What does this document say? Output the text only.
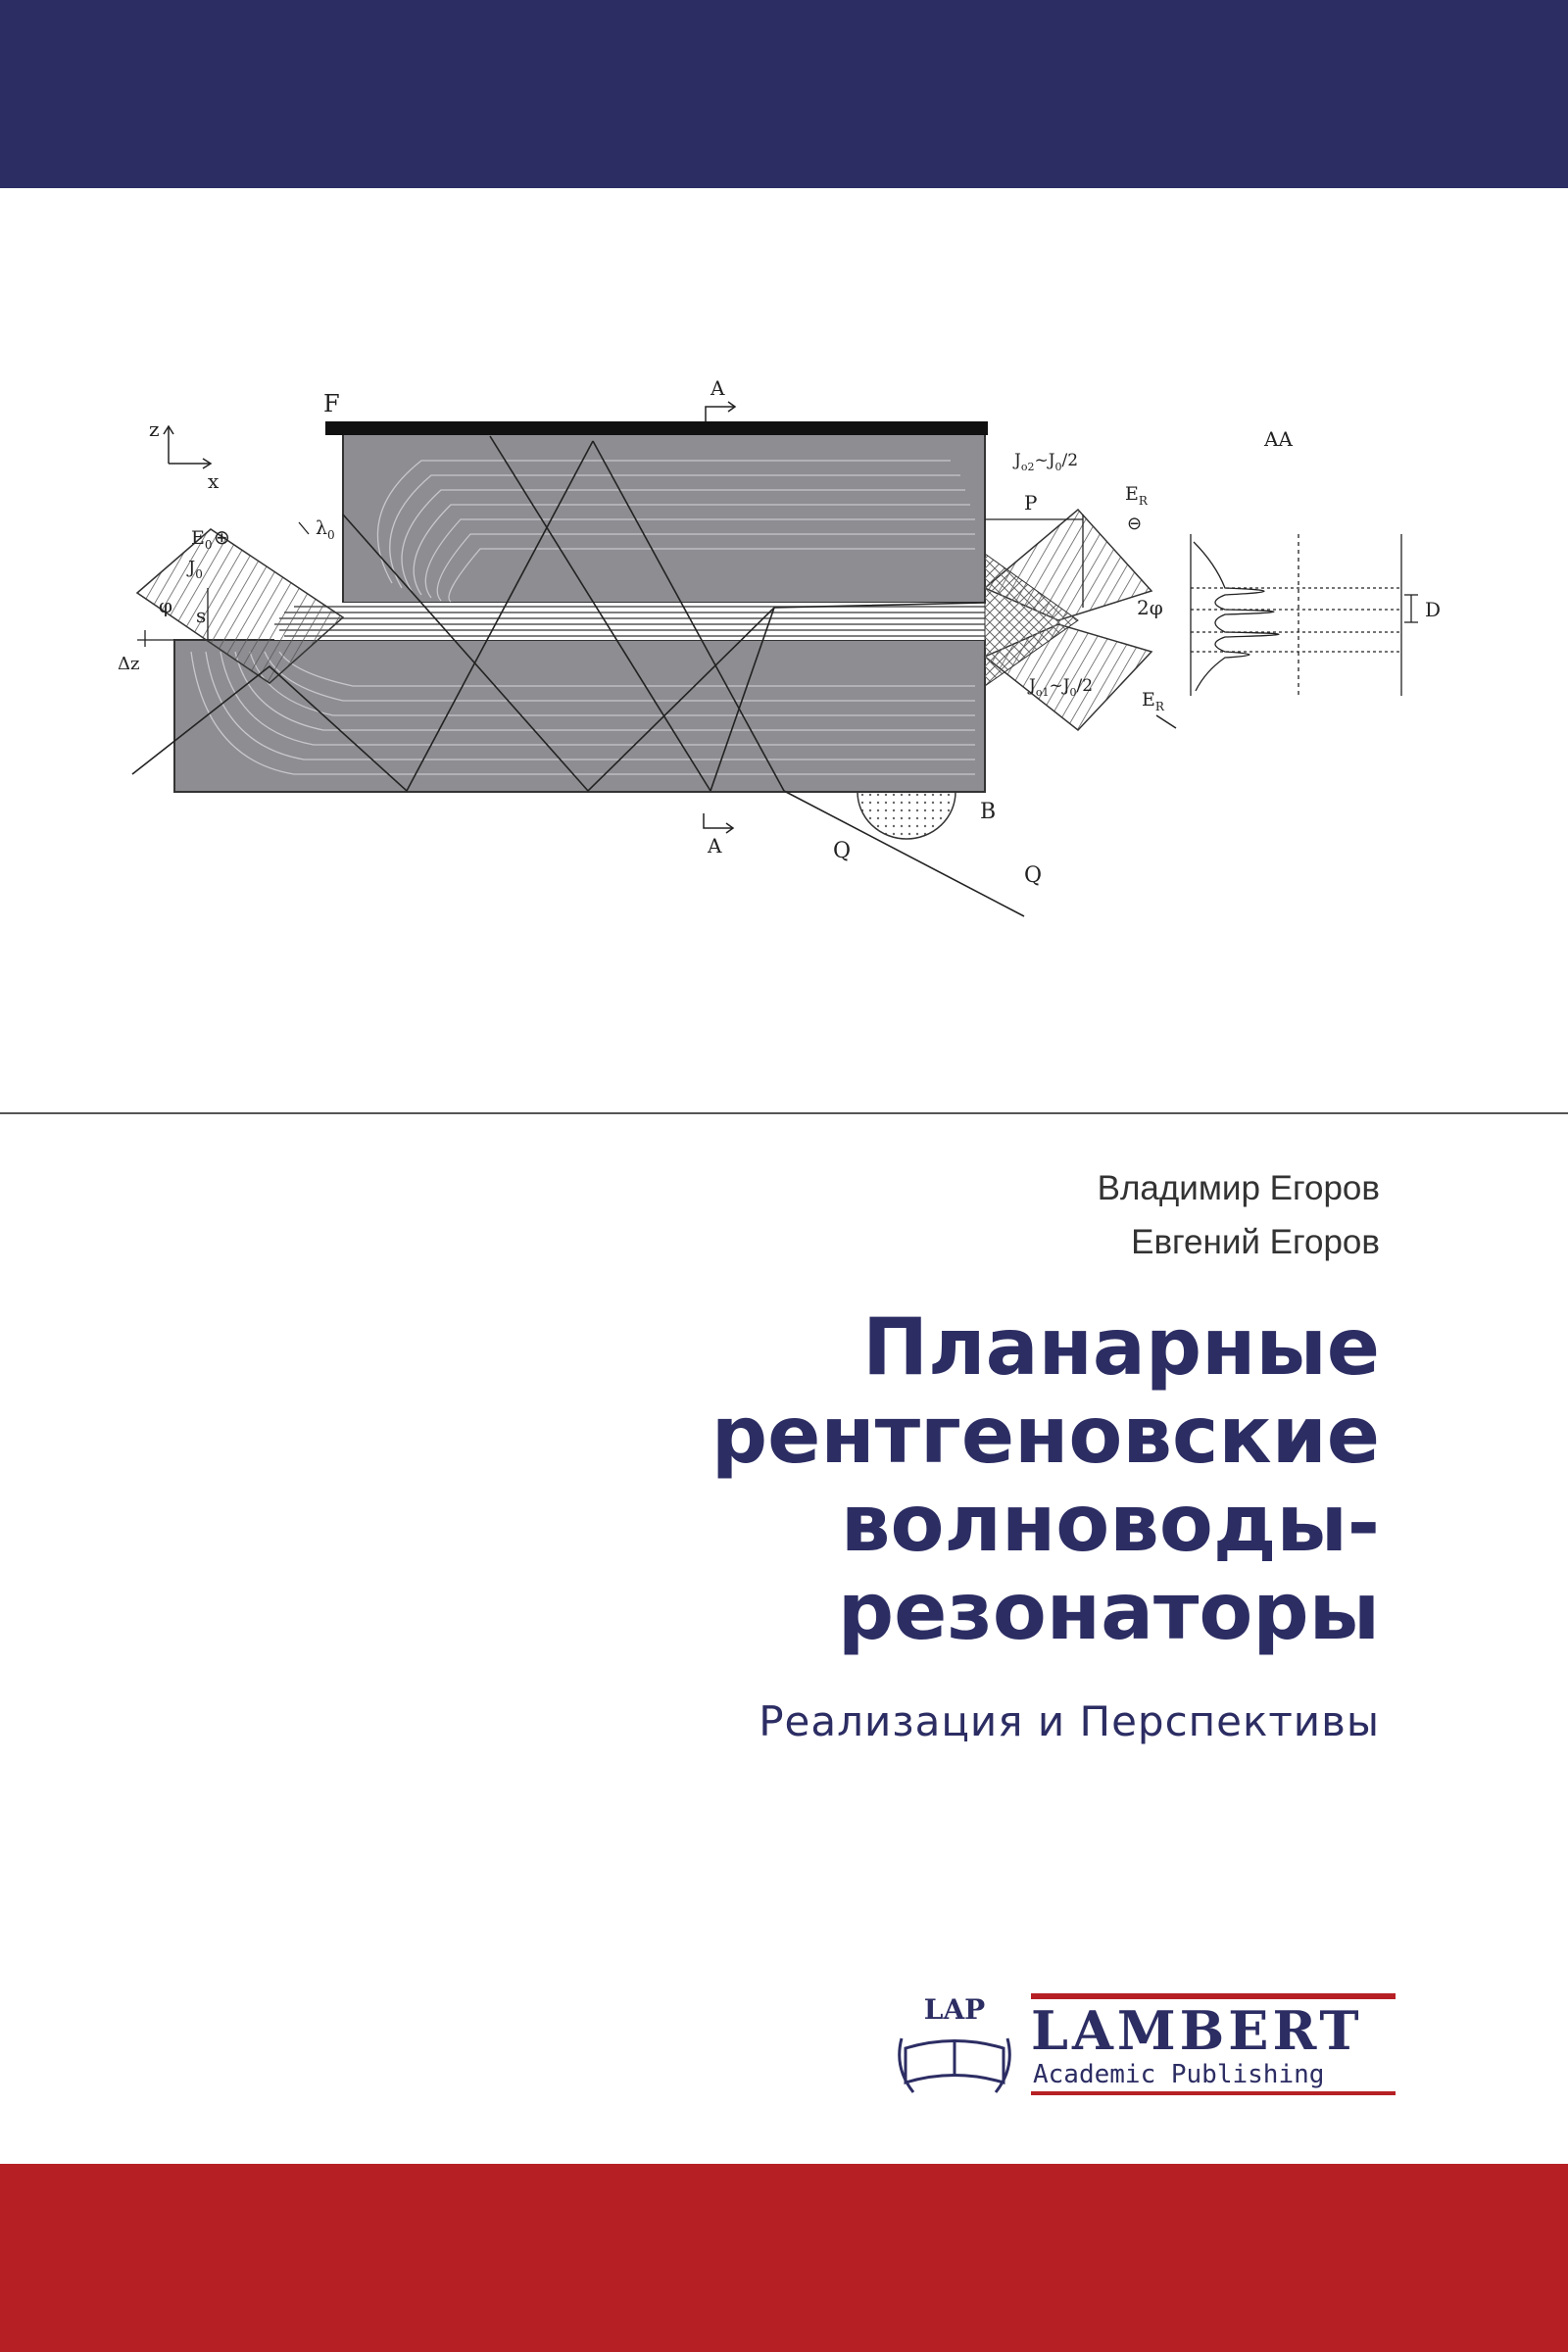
z
x
F
A
A
AA
$E_0$ ⊕
$J_0$
$\lambda_0$
φ s
Δz
$J_{o2}\sim J_0/2$
P	$E_R$
⊖
2φ
$J_{o1}\sim J_0/2$
$E_R$
B
Q
Q
D
Владимир Егоров
Евгений Егоров
Планарные
рентгеновские
волноводы-
резонаторы
Реализация и Перспективы
LAP LAMBERT
Academic Publishing
